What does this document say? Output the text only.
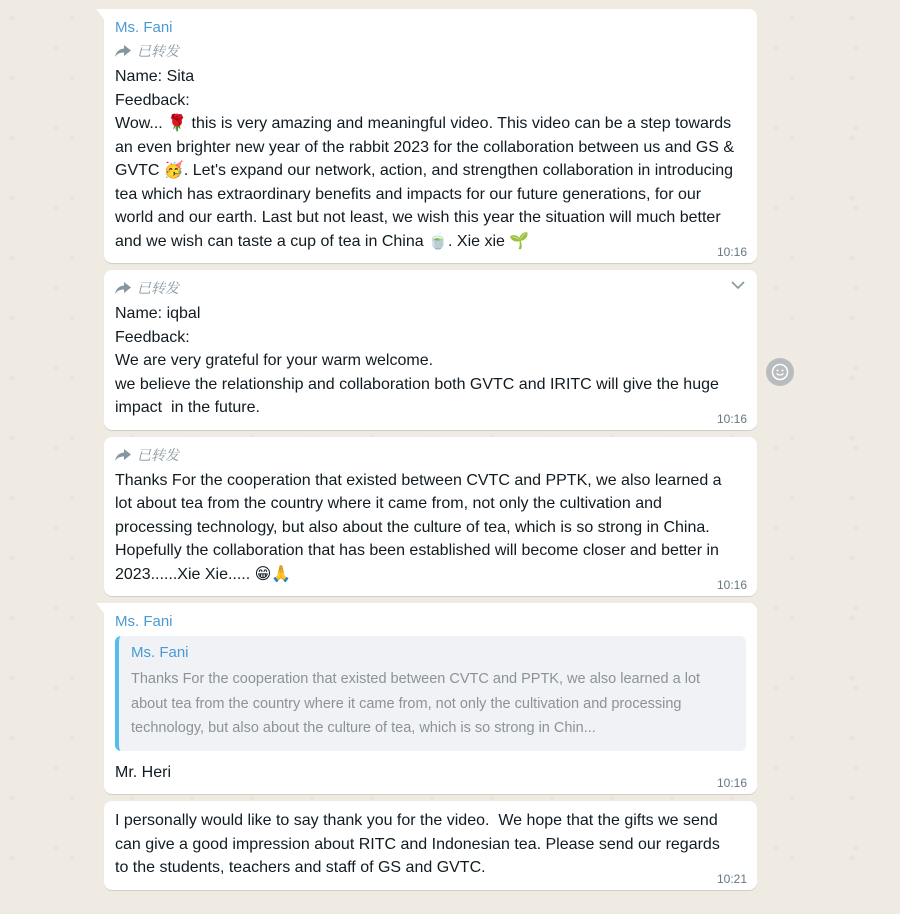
Ms. Fani
已转发
Name: Sita
Feedback:
Wow... 🌹 this is very amazing and meaningful video. This video can be a step towards an even brighter new year of the rabbit 2023 for the collaboration between us and GS & GVTC 🥳. Let's expand our network, action, and strengthen collaboration in introducing tea which has extraordinary benefits and impacts for our future generations, for our world and our earth. Last but not least, we wish this year the situation will much better and we wish can taste a cup of tea in China 🍵. Xie xie 🌱
10:16
已转发
Name: iqbal
Feedback:
We are very grateful for your warm welcome.
we believe the relationship and collaboration both GVTC and IRITC will give the huge impact  in the future.
10:16
已转发
Thanks For the cooperation that existed between CVTC and PPTK, we also learned a lot about tea from the country where it came from, not only the cultivation and processing technology, but also about the culture of tea, which is so strong in China. Hopefully the collaboration that has been established will become closer and better in 2023......Xie Xie..... 😁🙏
10:16
Ms. Fani
Ms. Fani
Thanks For the cooperation that existed between CVTC and PPTK, we also learned a lot about tea from the country where it came from, not only the cultivation and processing technology, but also about the culture of tea, which is so strong in Chin...
Mr. Heri
10:16
I personally would like to say thank you for the video.  We hope that the gifts we send can give a good impression about RITC and Indonesian tea. Please send our regards to the students, teachers and staff of GS and GVTC.
10:21
